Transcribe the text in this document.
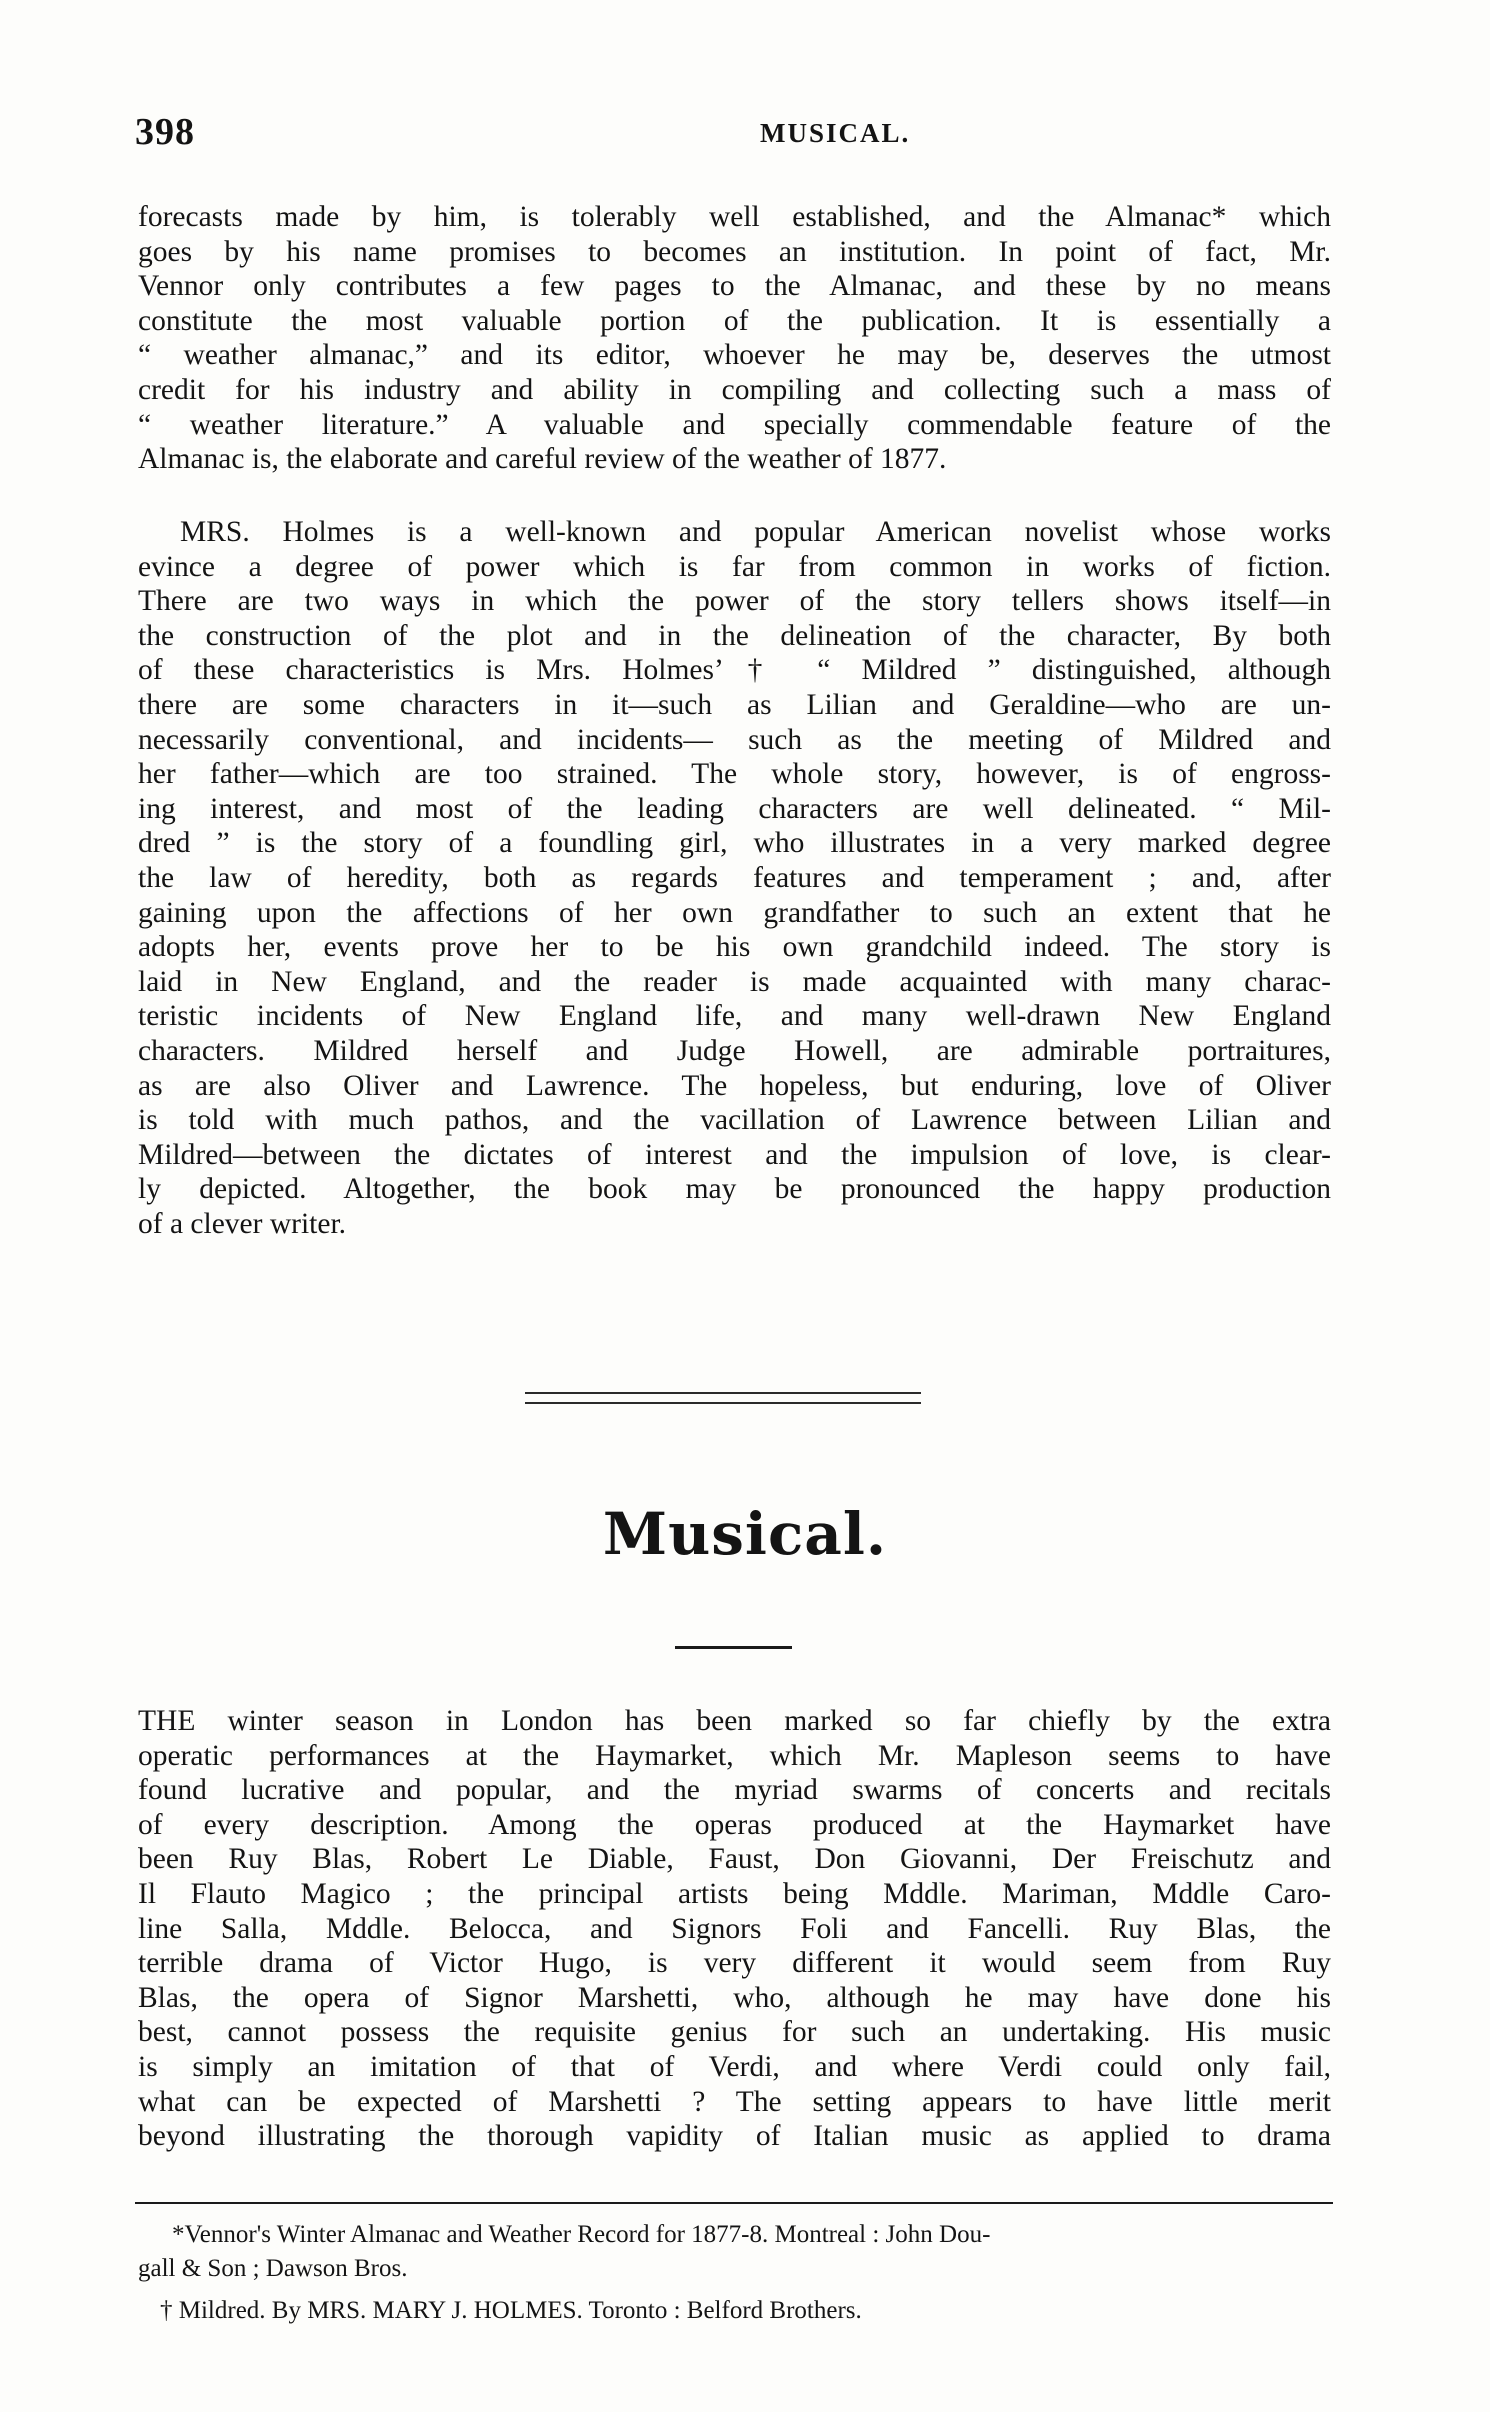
398	MUSICAL.
forecasts made by him, is tolerably well established, and the Almanac* which
goes by his name promises to becomes an institution. In point of fact, Mr.
Vennor only contributes a few pages to the Almanac, and these by no means
constitute the most valuable portion of the publication. It is essentially a
“ weather almanac,” and its editor, whoever he may be, deserves the utmost
credit for his industry and ability in compiling and collecting such a mass of
“ weather literature.” A valuable and specially commendable feature of the
Almanac is, the elaborate and careful review of the weather of 1877.
MRS. Holmes is a well-known and popular American novelist whose works
evince a degree of power which is far from common in works of fiction.
There are two ways in which the power of the story tellers shows itself—in
the construction of the plot and in the delineation of the character, By both
of these characteristics is Mrs. Holmes’† “ Mildred ” distinguished, although
there are some characters in it—such as Lilian and Geraldine—who are un-
necessarily conventional, and incidents— such as the meeting of Mildred and
her father—which are too strained. The whole story, however, is of engross-
ing interest, and most of the leading characters are well delineated. “ Mil-
dred ” is the story of a foundling girl, who illustrates in a very marked degree
the law of heredity, both as regards features and temperament ; and, after
gaining upon the affections of her own grandfather to such an extent that he
adopts her, events prove her to be his own grandchild indeed. The story is
laid in New England, and the reader is made acquainted with many charac-
teristic incidents of New England life, and many well-drawn New England
characters. Mildred herself and Judge Howell, are admirable portraitures,
as are also Oliver and Lawrence. The hopeless, but enduring, love of Oliver
is told with much pathos, and the vacillation of Lawrence between Lilian and
Mildred—between the dictates of interest and the impulsion of love, is clear-
ly depicted. Altogether, the book may be pronounced the happy production
of a clever writer.
Musical.
THE winter season in London has been marked so far chiefly by the extra
operatic performances at the Haymarket, which Mr. Mapleson seems to have
found lucrative and popular, and the myriad swarms of concerts and recitals
of every description. Among the operas produced at the Haymarket have
been Ruy Blas, Robert Le Diable, Faust, Don Giovanni, Der Freischutz and
Il Flauto Magico ; the principal artists being Mddle. Mariman, Mddle Caro-
line Salla, Mddle. Belocca, and Signors Foli and Fancelli. Ruy Blas, the
terrible drama of Victor Hugo, is very different it would seem from Ruy
Blas, the opera of Signor Marshetti, who, although he may have done his
best, cannot possess the requisite genius for such an undertaking. His music
is simply an imitation of that of Verdi, and where Verdi could only fail,
what can be expected of Marshetti ? The setting appears to have little merit
beyond illustrating the thorough vapidity of Italian music as applied to drama
*Vennor's Winter Almanac and Weather Record for 1877-8. Montreal : John Dou-
gall & Son ; Dawson Bros.
† Mildred. By MRS. MARY J. HOLMES. Toronto : Belford Brothers.
